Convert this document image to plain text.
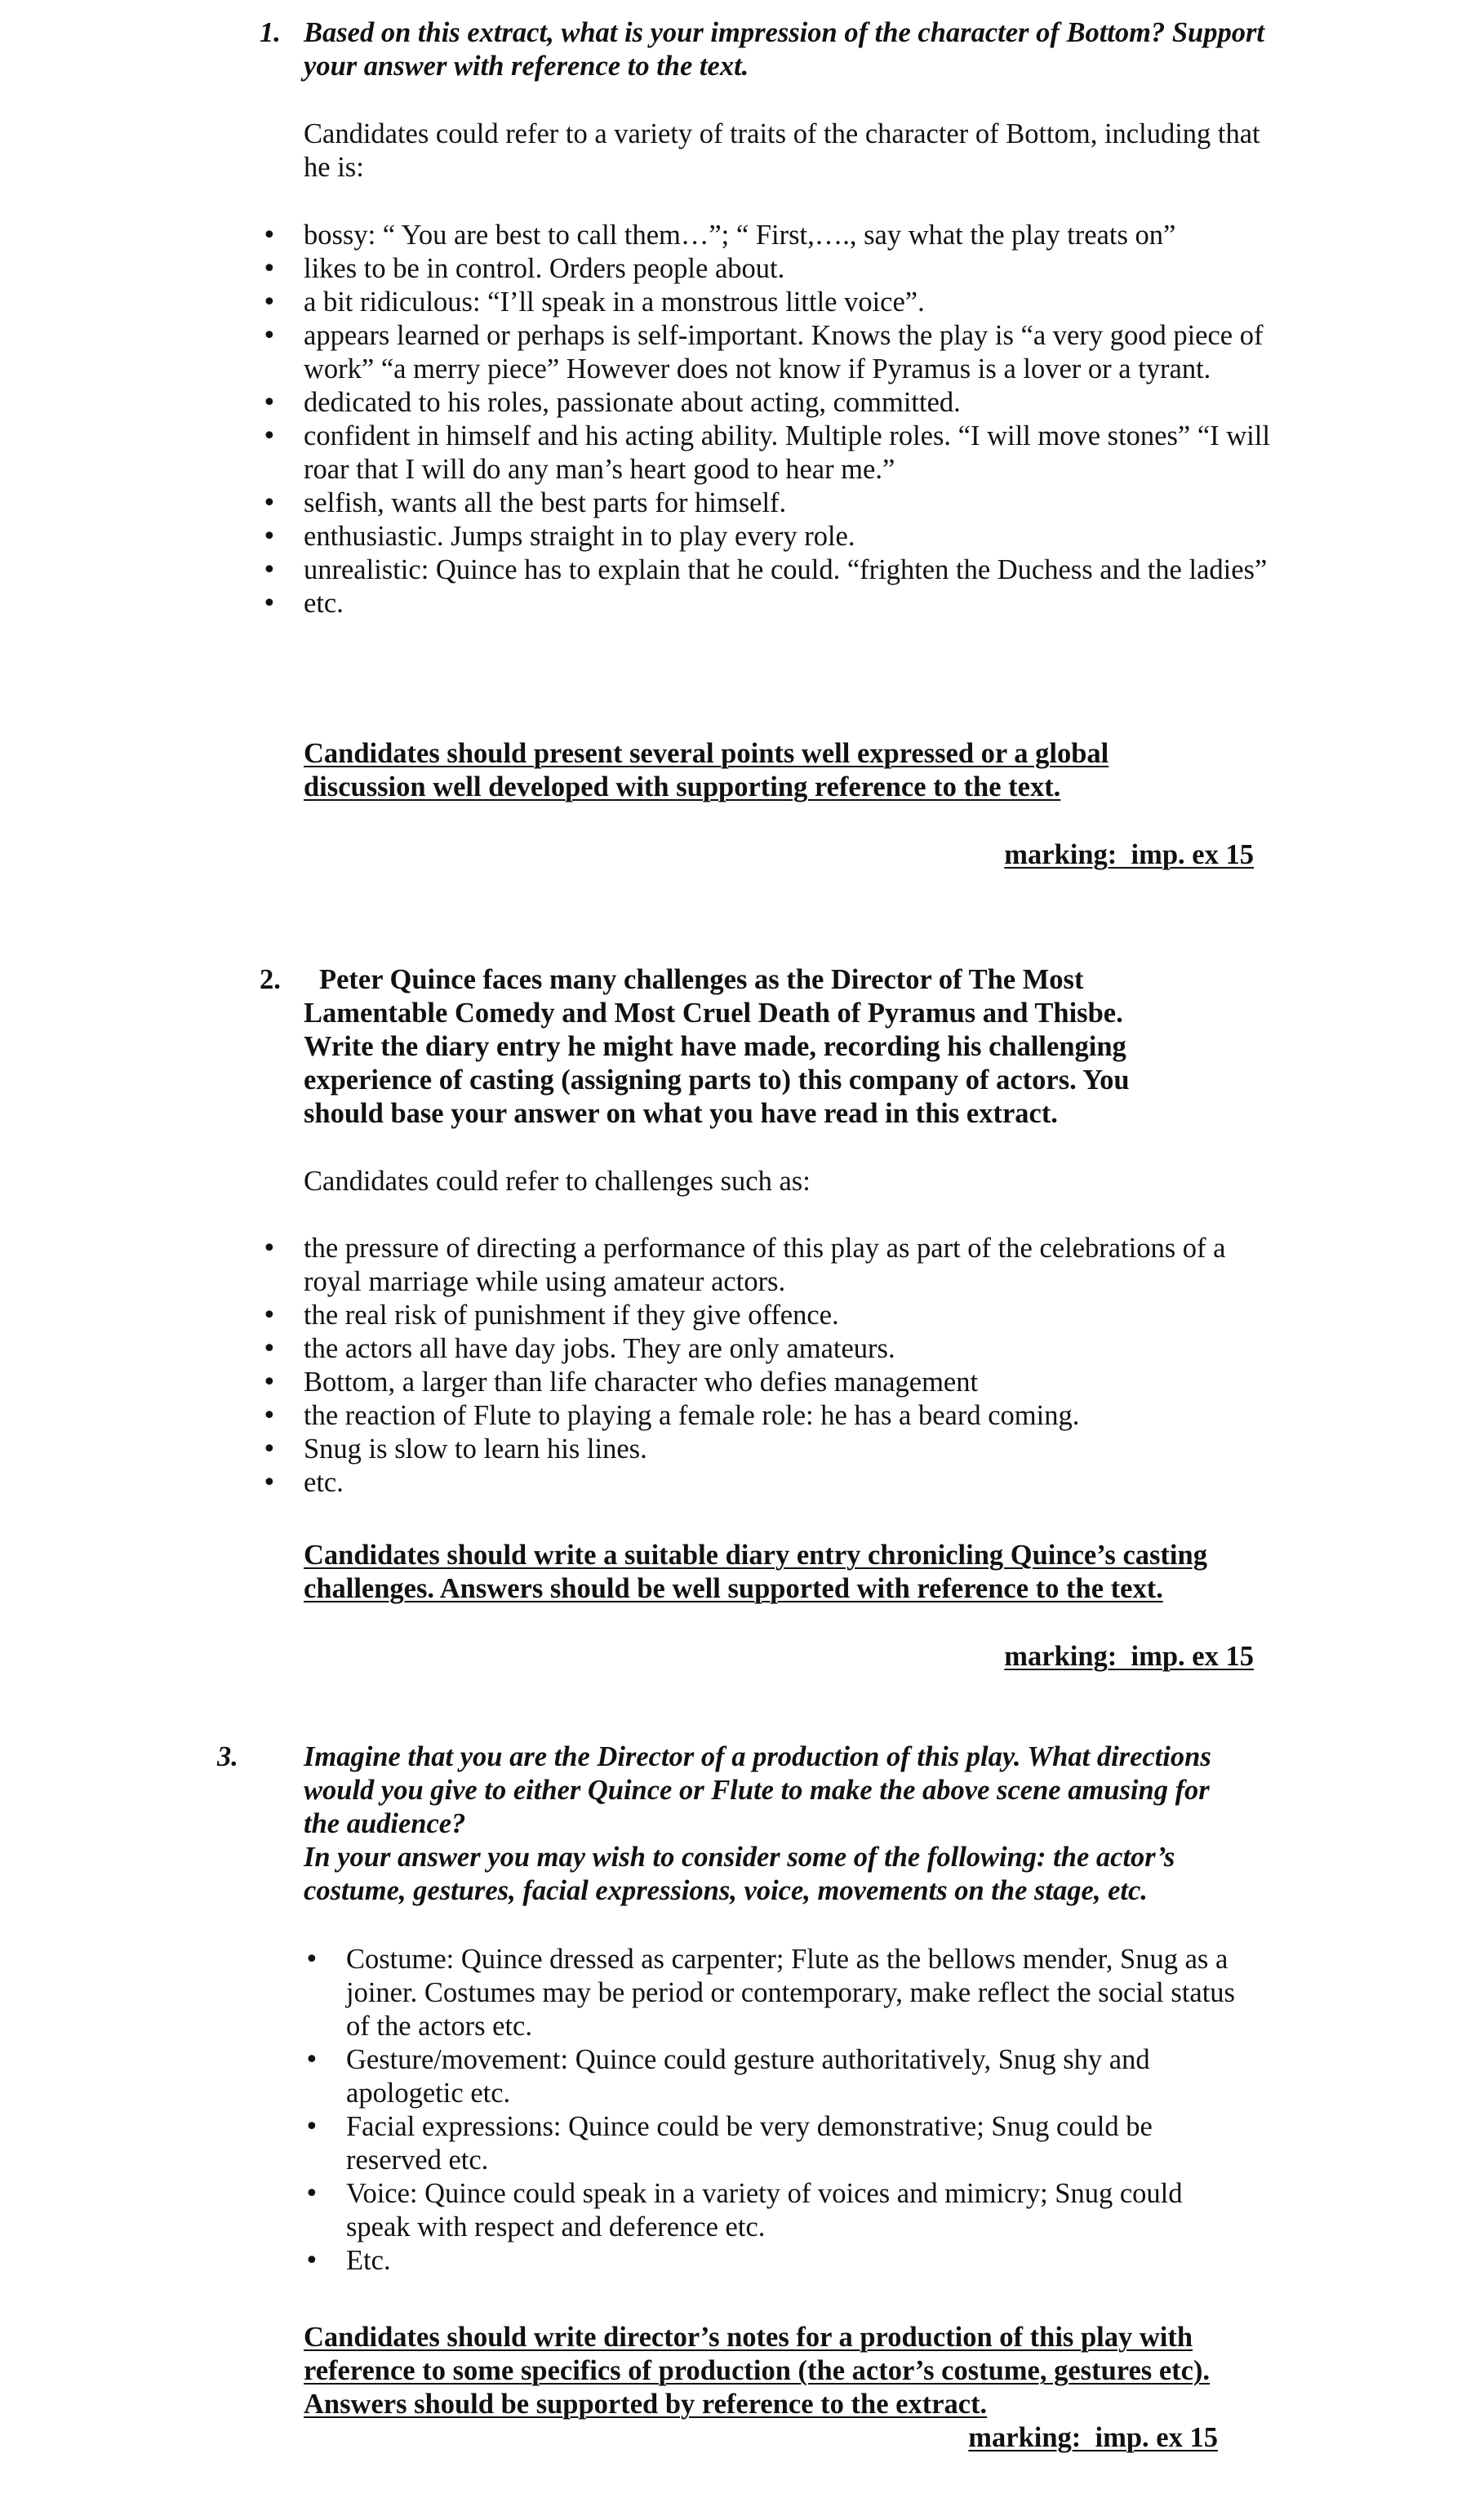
1. Based on this extract, what is your impression of the character of Bottom? Support your answer with reference to the text.
Candidates could refer to a variety of traits of the character of Bottom, including that he is:
• bossy: “ You are best to call them…”; “ First,…., say what the play treats on”
• likes to be in control. Orders people about.
• a bit ridiculous: “I’ll speak in a monstrous little voice”.
• appears learned or perhaps is self-important. Knows the play is “a very good piece of work” “a merry piece” However does not know if Pyramus is a lover or a tyrant.
• dedicated to his roles, passionate about acting, committed.
• confident in himself and his acting ability. Multiple roles. “I will move stones” “I will roar that I will do any man’s heart good to hear me.”
• selfish, wants all the best parts for himself.
• enthusiastic. Jumps straight in to play every role.
• unrealistic: Quince has to explain that he could. “frighten the Duchess and the ladies”
• etc.
Candidates should present several points well expressed or a global discussion well developed with supporting reference to the text.
marking:  imp. ex 15
2.	Peter Quince faces many challenges as the Director of The Most Lamentable Comedy and Most Cruel Death of Pyramus and Thisbe. Write the diary entry he might have made, recording his challenging experience of casting (assigning parts to) this company of actors. You should base your answer on what you have read in this extract.
Candidates could refer to challenges such as:
• the pressure of directing a performance of this play as part of the celebrations of a royal marriage while using amateur actors.
• the real risk of punishment if they give offence.
• the actors all have day jobs. They are only amateurs.
• Bottom, a larger than life character who defies management
• the reaction of Flute to playing a female role: he has a beard coming.
• Snug is slow to learn his lines.
• etc.
Candidates should write a suitable diary entry chronicling Quince’s casting challenges. Answers should be well supported with reference to the text.
marking:  imp. ex 15
3. Imagine that you are the Director of a production of this play. What directions would you give to either Quince or Flute to make the above scene amusing for the audience?
In your answer you may wish to consider some of the following: the actor’s costume, gestures, facial expressions, voice, movements on the stage, etc.
• Costume: Quince dressed as carpenter; Flute as the bellows mender, Snug as a joiner. Costumes may be period or contemporary, make reflect the social status of the actors etc.
• Gesture/movement: Quince could gesture authoritatively, Snug shy and apologetic etc.
• Facial expressions: Quince could be very demonstrative; Snug could be reserved etc.
• Voice: Quince could speak in a variety of voices and mimicry; Snug could speak with respect and deference etc.
• Etc.
Candidates should write director’s notes for a production of this play with reference to some specifics of production (the actor’s costume, gestures etc). Answers should be supported by reference to the extract.
marking:  imp. ex 15
